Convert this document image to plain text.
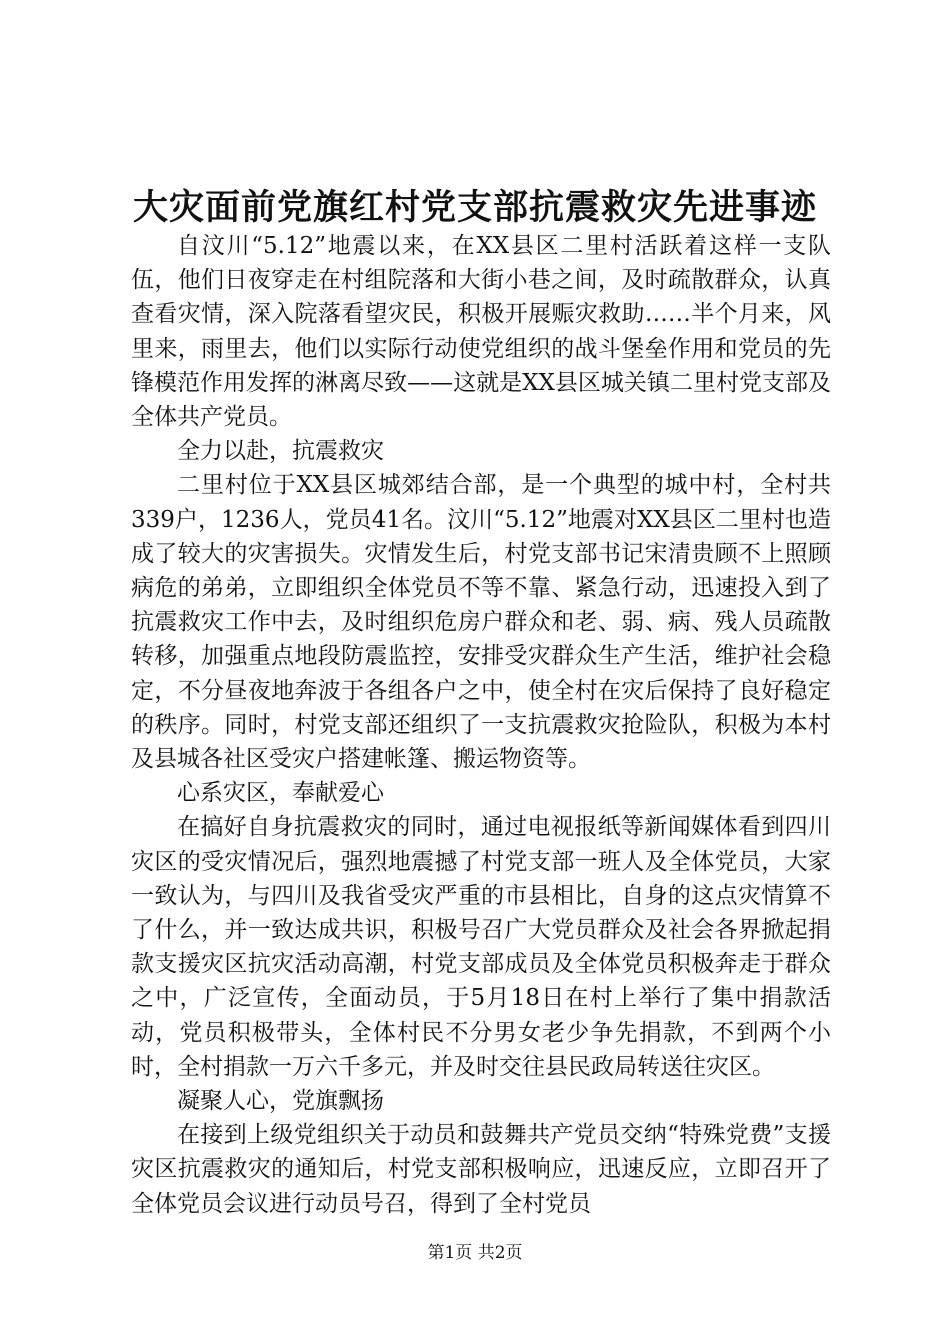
大灾面前党旗红村党支部抗震救灾先进事迹

自汶川“5.12”地震以来，在XX县区二里村活跃着这样一支队伍，他们日夜穿走在村组院落和大街小巷之间，及时疏散群众，认真查看灾情，深入院落看望灾民，积极开展赈灾救助……半个月来，风里来，雨里去，他们以实际行动使党组织的战斗堡垒作用和党员的先锋模范作用发挥的淋离尽致——这就是XX县区城关镇二里村党支部及全体共产党员。

全力以赴，抗震救灾

二里村位于XX县区城郊结合部，是一个典型的城中村，全村共339户，1236人，党员41名。汶川“5.12”地震对XX县区二里村也造成了较大的灾害损失。灾情发生后，村党支部书记宋清贵顾不上照顾病危的弟弟，立即组织全体党员不等不靠、紧急行动，迅速投入到了抗震救灾工作中去，及时组织危房户群众和老、弱、病、残人员疏散转移，加强重点地段防震监控，安排受灾群众生产生活，维护社会稳定，不分昼夜地奔波于各组各户之中，使全村在灾后保持了良好稳定的秩序。同时，村党支部还组织了一支抗震救灾抢险队，积极为本村及县城各社区受灾户搭建帐篷、搬运物资等。

心系灾区，奉献爱心

在搞好自身抗震救灾的同时，通过电视报纸等新闻媒体看到四川灾区的受灾情况后，强烈地震撼了村党支部一班人及全体党员，大家一致认为，与四川及我省受灾严重的市县相比，自身的这点灾情算不了什么，并一致达成共识，积极号召广大党员群众及社会各界掀起捐款支援灾区抗灾活动高潮，村党支部成员及全体党员积极奔走于群众之中，广泛宣传，全面动员，于5月18日在村上举行了集中捐款活动，党员积极带头，全体村民不分男女老少争先捐款，不到两个小时，全村捐款一万六千多元，并及时交往县民政局转送往灾区。

凝聚人心，党旗飘扬

在接到上级党组织关于动员和鼓舞共产党员交纳“特殊党费”支援灾区抗震救灾的通知后，村党支部积极响应，迅速反应，立即召开了全体党员会议进行动员号召，得到了全村党员

第1页 共2页
